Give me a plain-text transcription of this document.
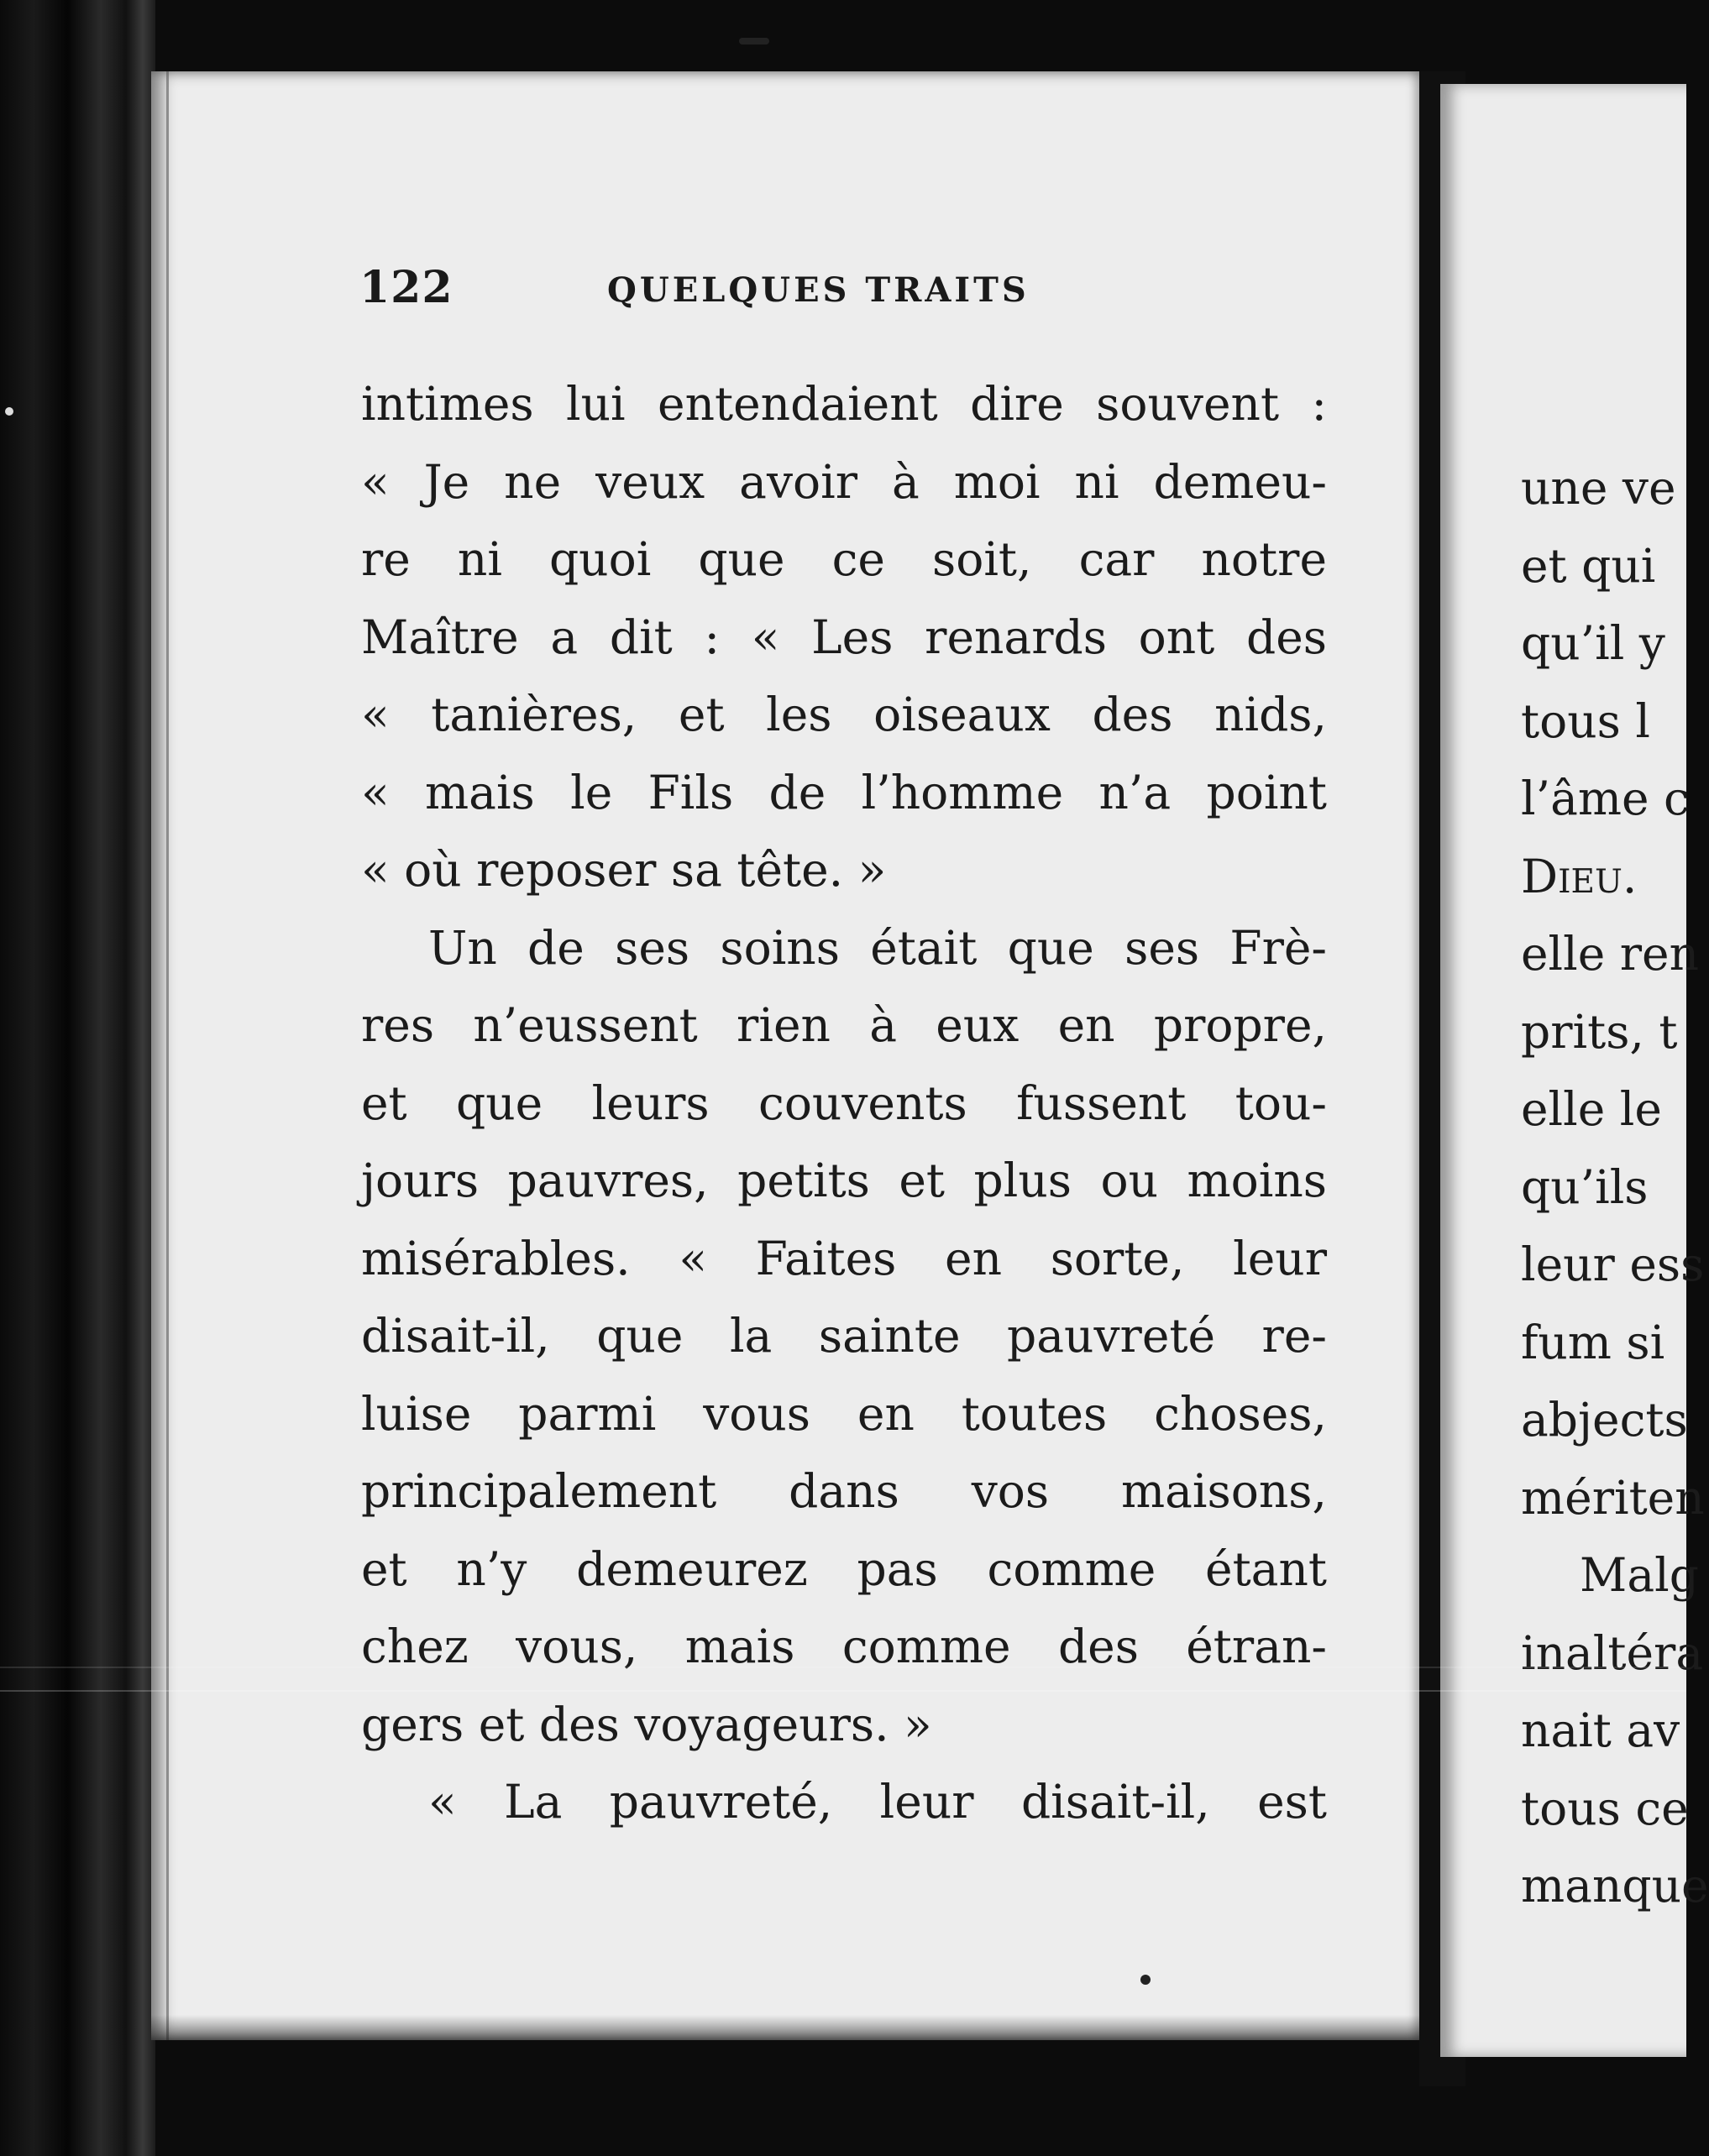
une ve
et qui
qu’il y
tous l
l’âme c
Dieu.
elle ren
prits, t
elle le
qu’ils
leur ess
fum si
abjects
mériten
Malg
inaltéra
nait av
tous ce
manque
122	QUELQUES TRAITS
intimes lui entendaient dire souvent :
« Je ne veux avoir à moi ni demeu-
re ni quoi que ce soit, car notre
Maître a dit : « Les renards ont des
« tanières, et les oiseaux des nids,
« mais le Fils de l’homme n’a point
« où reposer sa tête. »
Un de ses soins était que ses Frè-
res n’eussent rien à eux en propre,
et que leurs couvents fussent tou-
jours pauvres, petits et plus ou moins
misérables. « Faites en sorte, leur
disait-il, que la sainte pauvreté re-
luise parmi vous en toutes choses,
principalement dans vos maisons,
et n’y demeurez pas comme étant
chez vous, mais comme des étran-
gers et des voyageurs. »
« La pauvreté, leur disait-il, est
